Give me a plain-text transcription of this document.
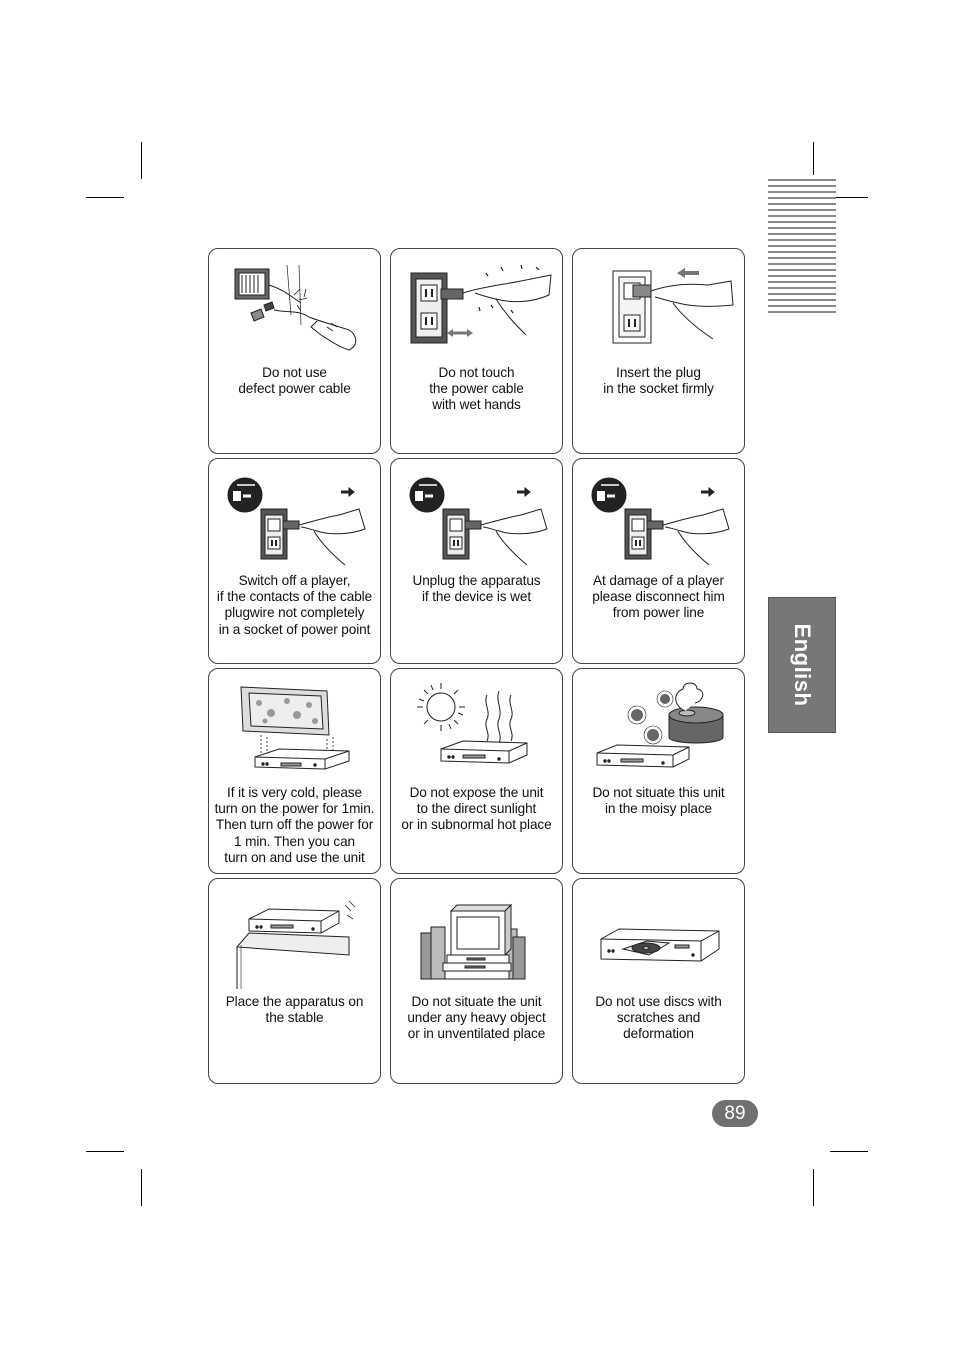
English
Do not use
defect power cable
Do not touch
the power cable
with wet hands
Insert the plug
in the socket firmly
Switch off a player,
if the contacts of the cable
plugwire not completely
in a socket of power point
Unplug the apparatus
if the device is wet
At damage of a player
please disconnect him
from power line
If it is very cold, please
turn on the power for 1min.
Then turn off the power for
1 min. Then you can
turn on and use the unit
Do not expose the unit
to the direct sunlight
or in subnormal hot place
Do not situate this unit
in the moisy place
Place the apparatus on
the stable
Do not situate the unit
under any heavy object
or in unventilated place
Do not use discs with
scratches and
deformation
89
